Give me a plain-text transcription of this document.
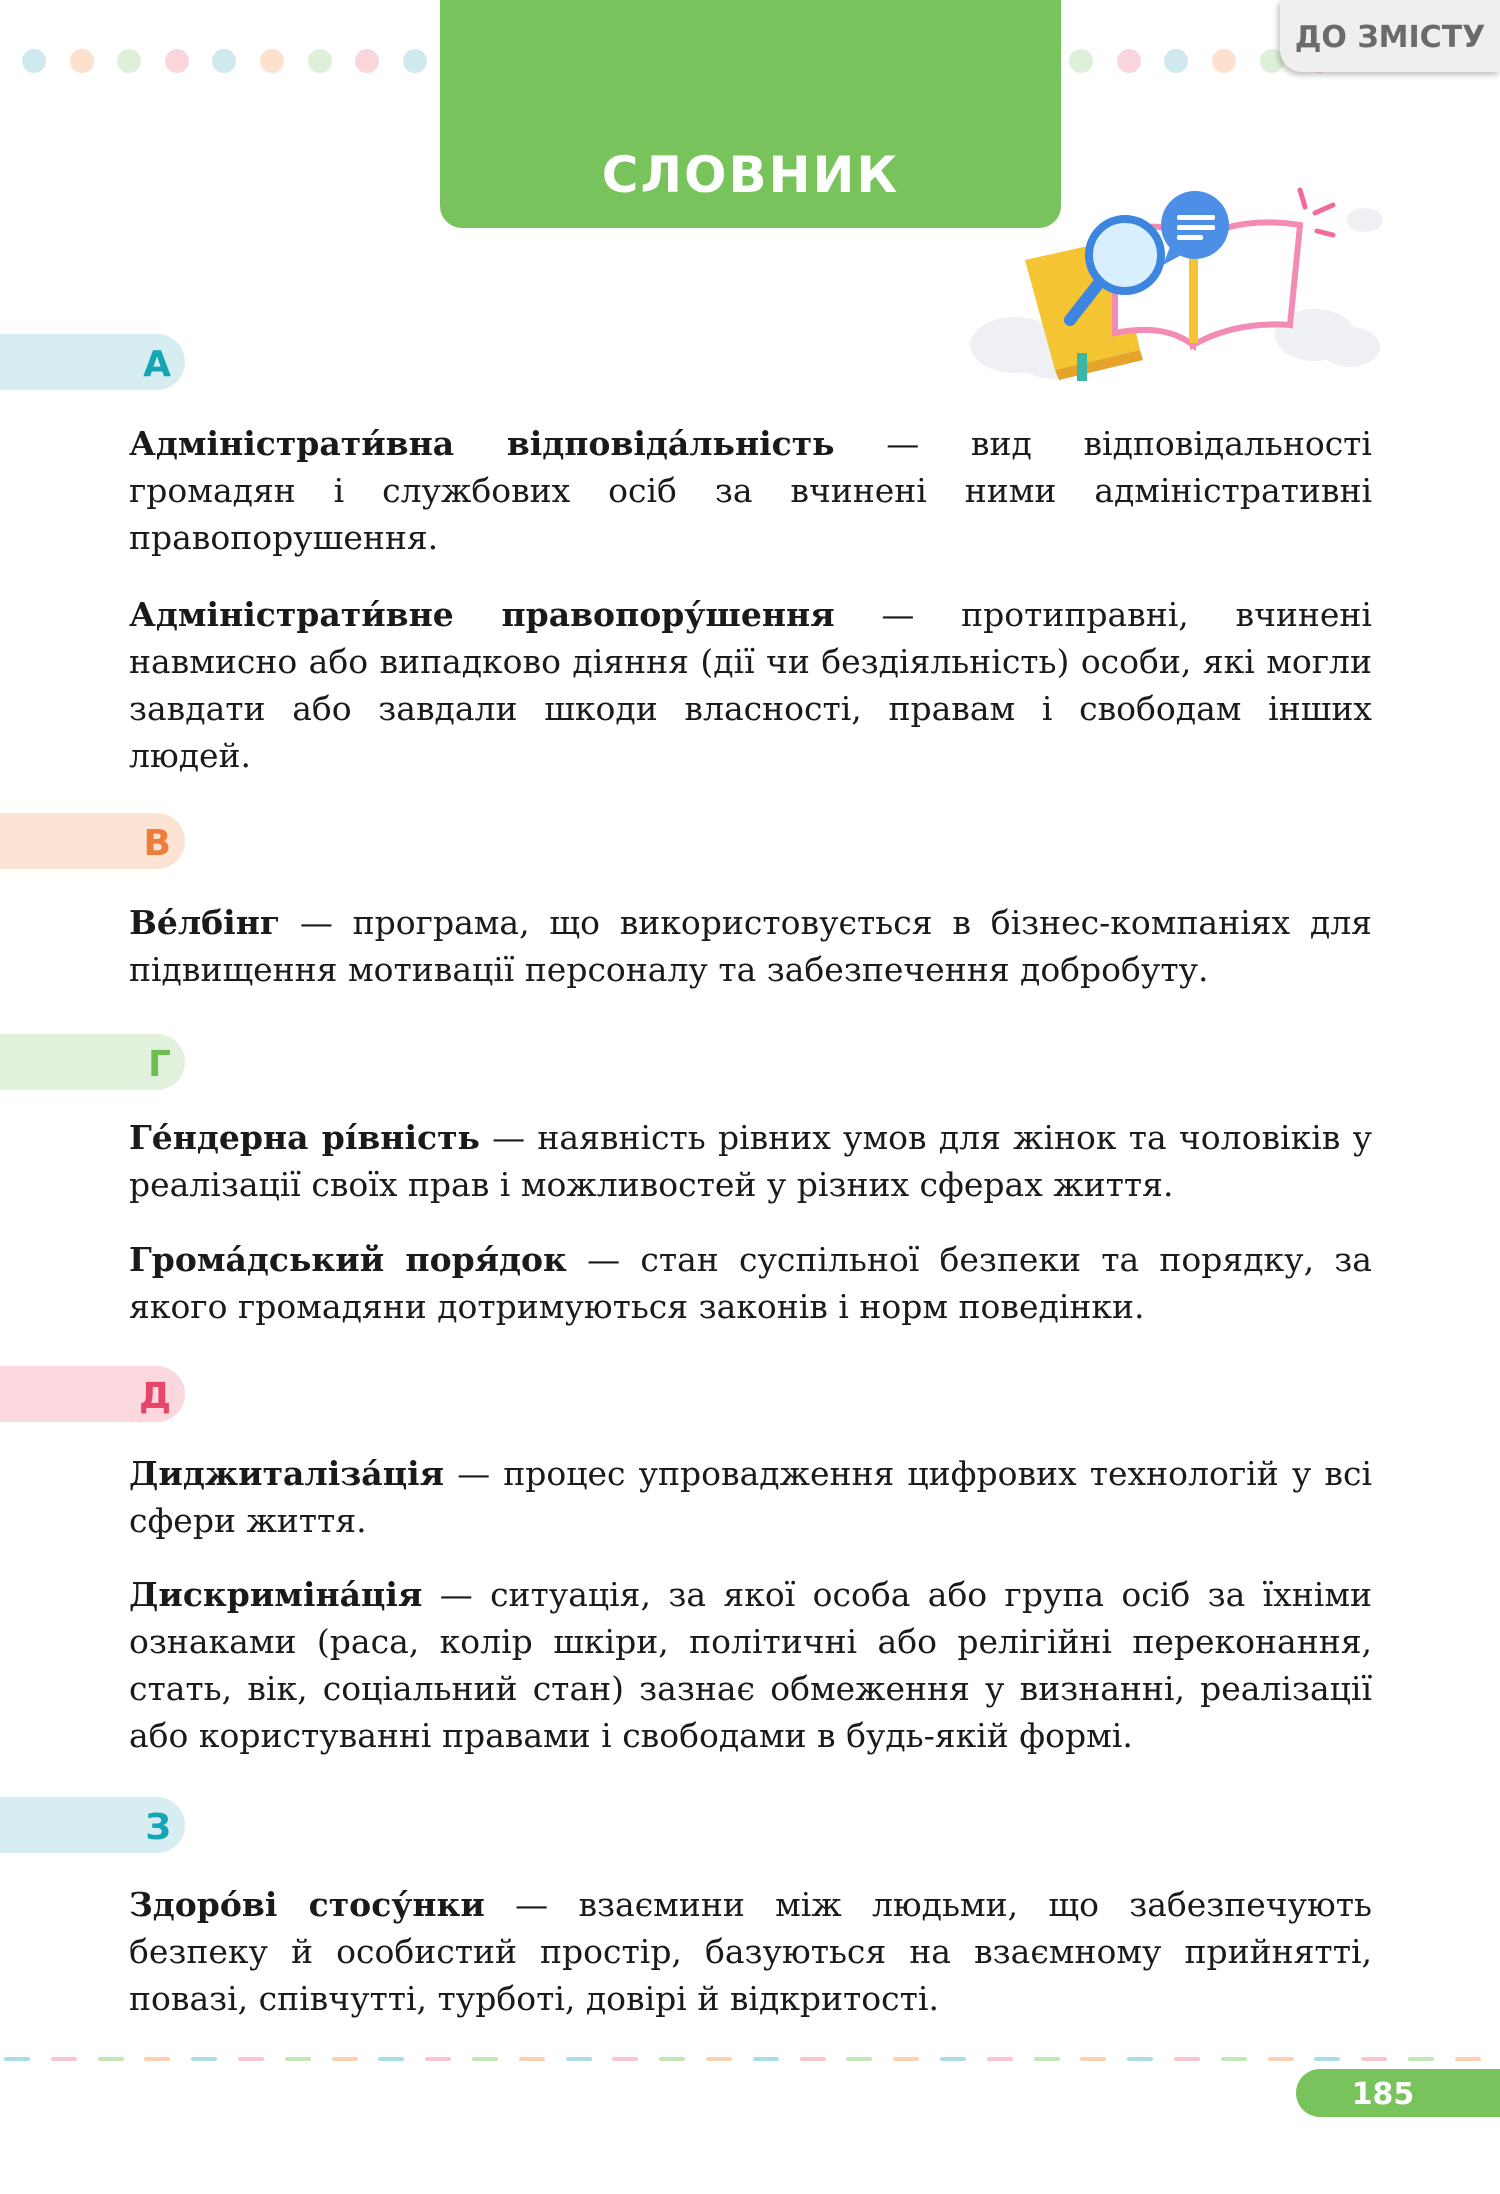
СЛОВНИК
ДО ЗМІСТУ
А

Адміністрати́вна відповіда́льність — вид відповідальності громадян і службових осіб за вчинені ними адміністративні правопорушення.

Адміністрати́вне правопору́шення — протиправні, вчинені навмисно або випадково діяння (дії чи бездіяльність) особи, які могли завдати або завдали шкоди власності, правам і свободам інших людей.

В

Ве́лбінг — програма, що використовується в бізнес-компаніях для підвищення мотивації персоналу та забезпечення добробуту.

Г

Ге́ндерна рі́вність — наявність рівних умов для жінок та чоловіків у реалізації своїх прав і можливостей у різних сферах життя.

Грома́дський поря́док — стан суспільної безпеки та порядку, за якого громадяни дотримуються законів і норм поведінки.

Д

Диджиталіза́ція — процес упровадження цифрових технологій у всі сфери життя.

Дискриміна́ція — ситуація, за якої особа або група осіб за їхніми ознаками (раса, колір шкіри, політичні або релігійні переконання, стать, вік, соціальний стан) зазнає обмеження у визнанні, реалізації або користуванні правами і свободами в будь-якій формі.

З

Здоро́ві стосу́нки — взаємини між людьми, що забезпечують безпеку й особистий простір, базуються на взаємному прийнятті, повазі, співчутті, турботі, довірі й відкритості.

185
